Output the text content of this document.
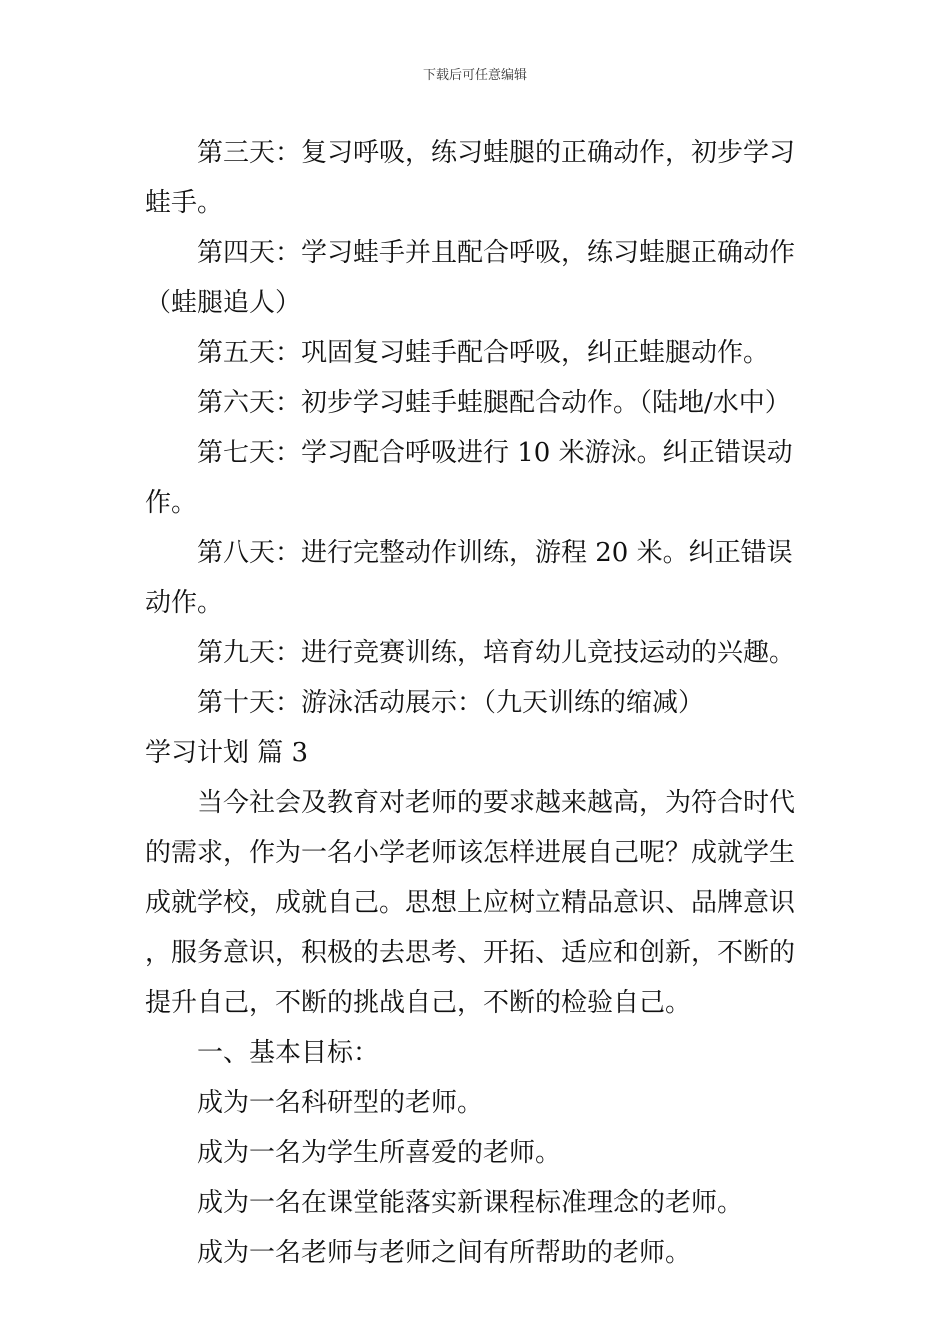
下载后可任意编辑

第三天：复习呼吸，练习蛙腿的正确动作，初步学习蛙手。

第四天：学习蛙手并且配合呼吸，练习蛙腿正确动作（蛙腿追人）

第五天：巩固复习蛙手配合呼吸，纠正蛙腿动作。

第六天：初步学习蛙手蛙腿配合动作。（陆地/水中）

第七天：学习配合呼吸进行 10 米游泳。纠正错误动作。

第八天：进行完整动作训练，游程 20 米。纠正错误动作。

第九天：进行竞赛训练，培育幼儿竞技运动的兴趣。

第十天：游泳活动展示：（九天训练的缩减）

学习计划 篇 3

当今社会及教育对老师的要求越来越高，为符合时代的需求，作为一名小学老师该怎样进展自己呢？成就学生成就学校，成就自己。思想上应树立精品意识、品牌意识 ，服务意识，积极的去思考、开拓、适应和创新，不断的提升自己，不断的挑战自己，不断的检验自己。

一、基本目标：

成为一名科研型的老师。

成为一名为学生所喜爱的老师。

成为一名在课堂能落实新课程标准理念的老师。

成为一名老师与老师之间有所帮助的老师。
